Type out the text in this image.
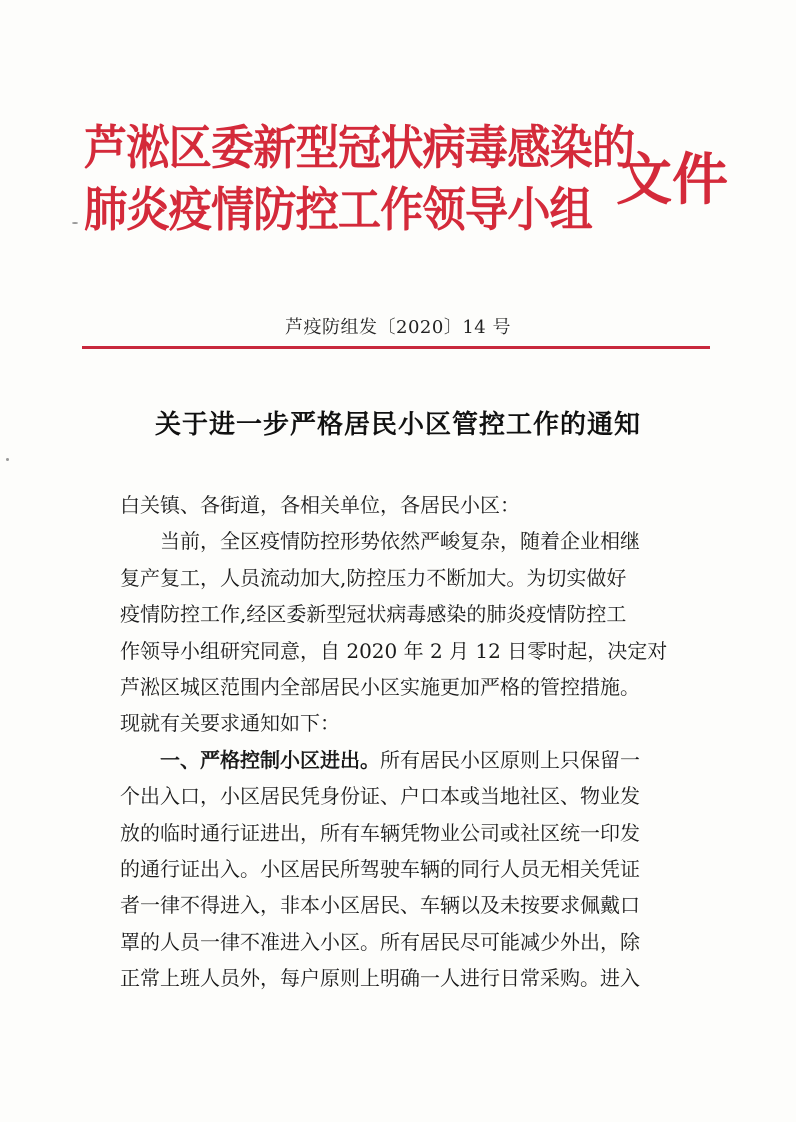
芦淞区委新型冠状病毒感染的
肺炎疫情防控工作领导小组 文件
芦疫防组发〔2020〕14 号
关于进一步严格居民小区管控工作的通知

白关镇、各街道，各相关单位，各居民小区：

当前，全区疫情防控形势依然严峻复杂，随着企业相继
复产复工，人员流动加大,防控压力不断加大。为切实做好
疫情防控工作,经区委新型冠状病毒感染的肺炎疫情防控工
作领导小组研究同意，自 2020 年 2 月 12 日零时起，决定对
芦淞区城区范围内全部居民小区实施更加严格的管控措施。
现就有关要求通知如下：
一、严格控制小区进出。所有居民小区原则上只保留一
个出入口，小区居民凭身份证、户口本或当地社区、物业发
放的临时通行证进出，所有车辆凭物业公司或社区统一印发
的通行证出入。小区居民所驾驶车辆的同行人员无相关凭证
者一律不得进入，非本小区居民、车辆以及未按要求佩戴口
罩的人员一律不准进入小区。所有居民尽可能减少外出，除
正常上班人员外，每户原则上明确一人进行日常采购。进入
